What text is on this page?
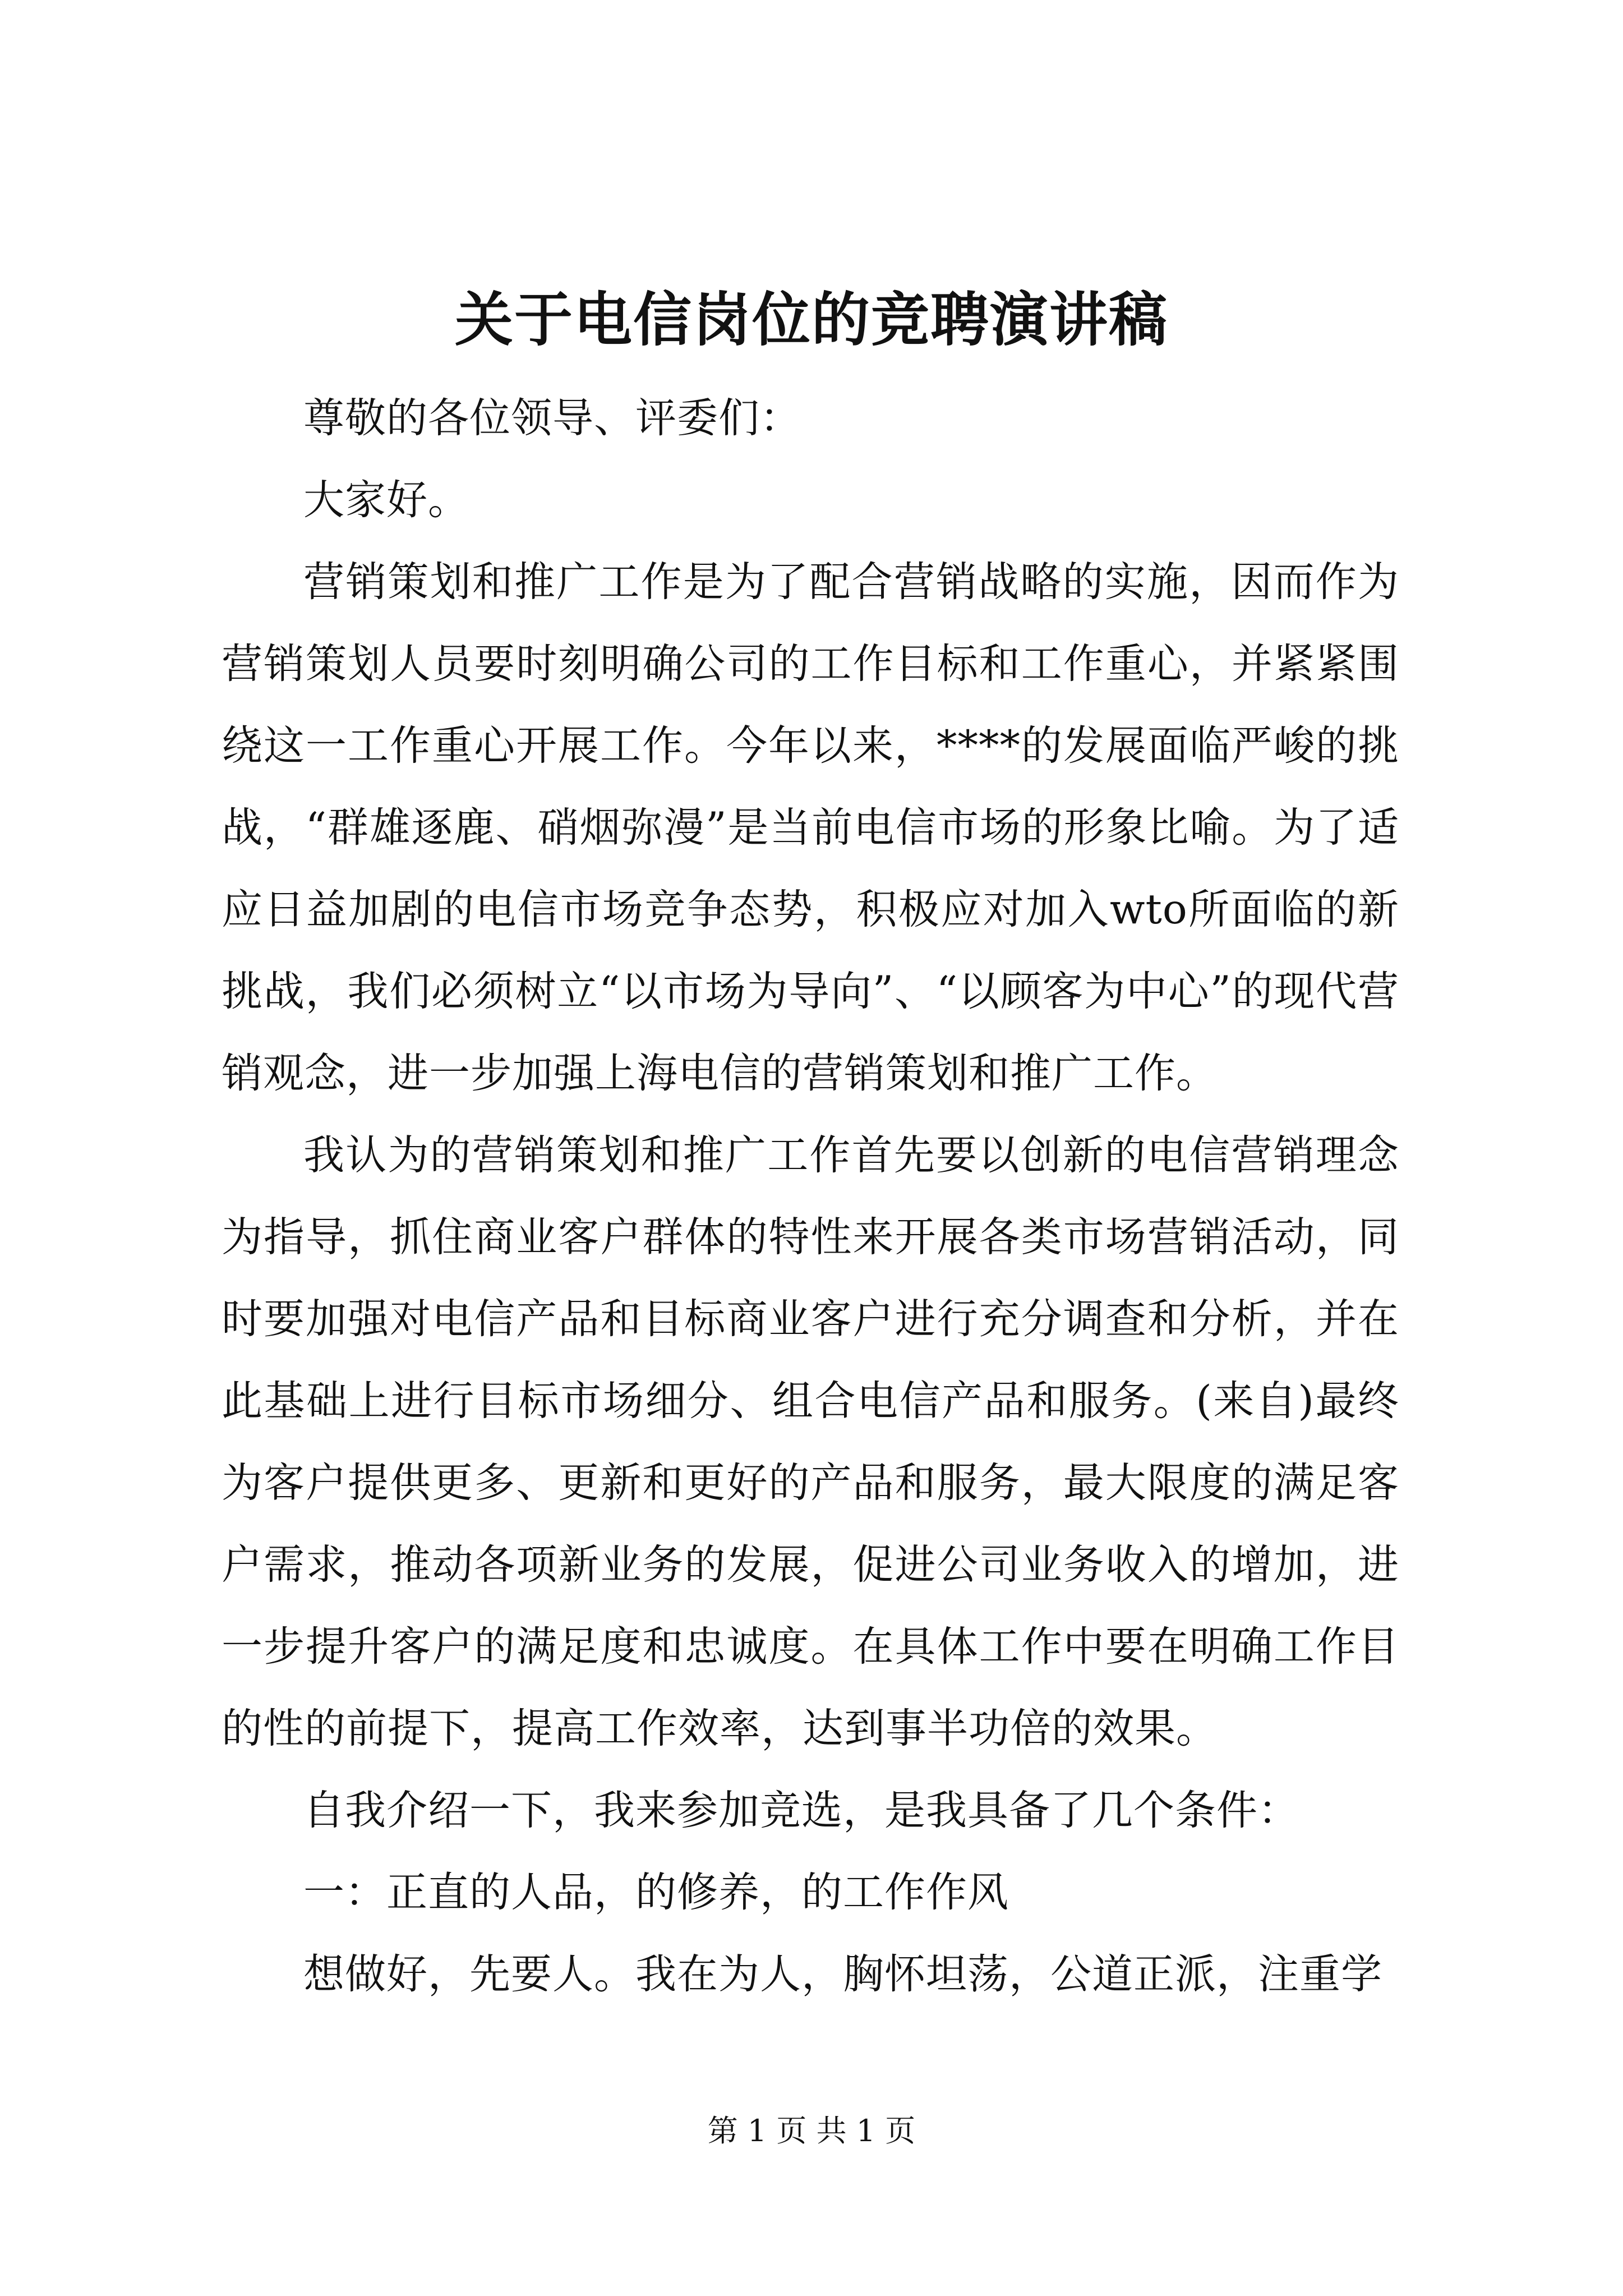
关于电信岗位的竞聘演讲稿

尊敬的各位领导、评委们：

大家好。

营销策划和推广工作是为了配合营销战略的实施，因而作为营销策划人员要时刻明确公司的工作目标和工作重心，并紧紧围绕这一工作重心开展工作。今年以来，****的发展面临严峻的挑战，“群雄逐鹿、硝烟弥漫”是当前电信市场的形象比喻。为了适应日益加剧的电信市场竞争态势，积极应对加入wto所面临的新挑战，我们必须树立“以市场为导向”、“以顾客为中心”的现代营销观念，进一步加强上海电信的营销策划和推广工作。

我认为的营销策划和推广工作首先要以创新的电信营销理念为指导，抓住商业客户群体的特性来开展各类市场营销活动，同时要加强对电信产品和目标商业客户进行充分调查和分析，并在此基础上进行目标市场细分、组合电信产品和服务。(来自)最终为客户提供更多、更新和更好的产品和服务，最大限度的满足客户需求，推动各项新业务的发展，促进公司业务收入的增加，进一步提升客户的满足度和忠诚度。在具体工作中要在明确工作目的性的前提下，提高工作效率，达到事半功倍的效果。

自我介绍一下，我来参加竞选，是我具备了几个条件：

一：正直的人品，的修养，的工作作风

想做好，先要人。我在为人，胸怀坦荡，公道正派，注重学

第 1 页 共 1 页
